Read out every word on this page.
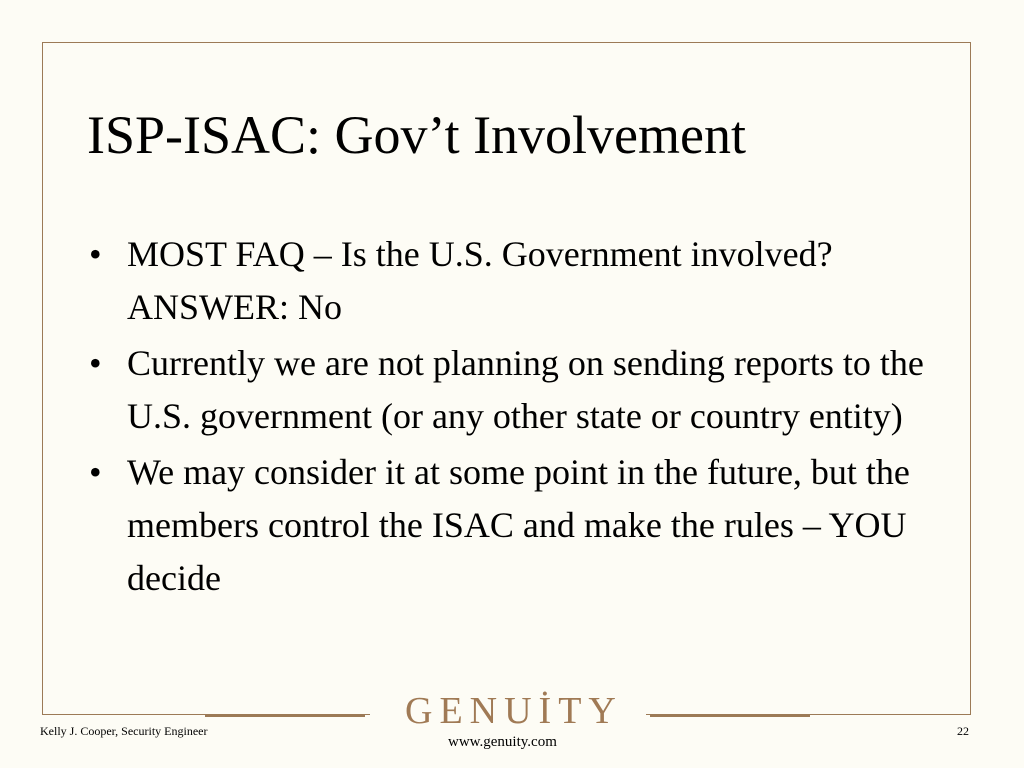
ISP-ISAC: Gov’t Involvement
• MOST FAQ – Is the U.S. Government involved? ANSWER: No
• Currently we are not planning on sending reports to the U.S. government (or any other state or country entity)
• We may consider it at some point in the future, but the members control the ISAC and make the rules – YOU decide
GENUİTY
Kelly J. Cooper, Security Engineer
www.genuity.com
22
